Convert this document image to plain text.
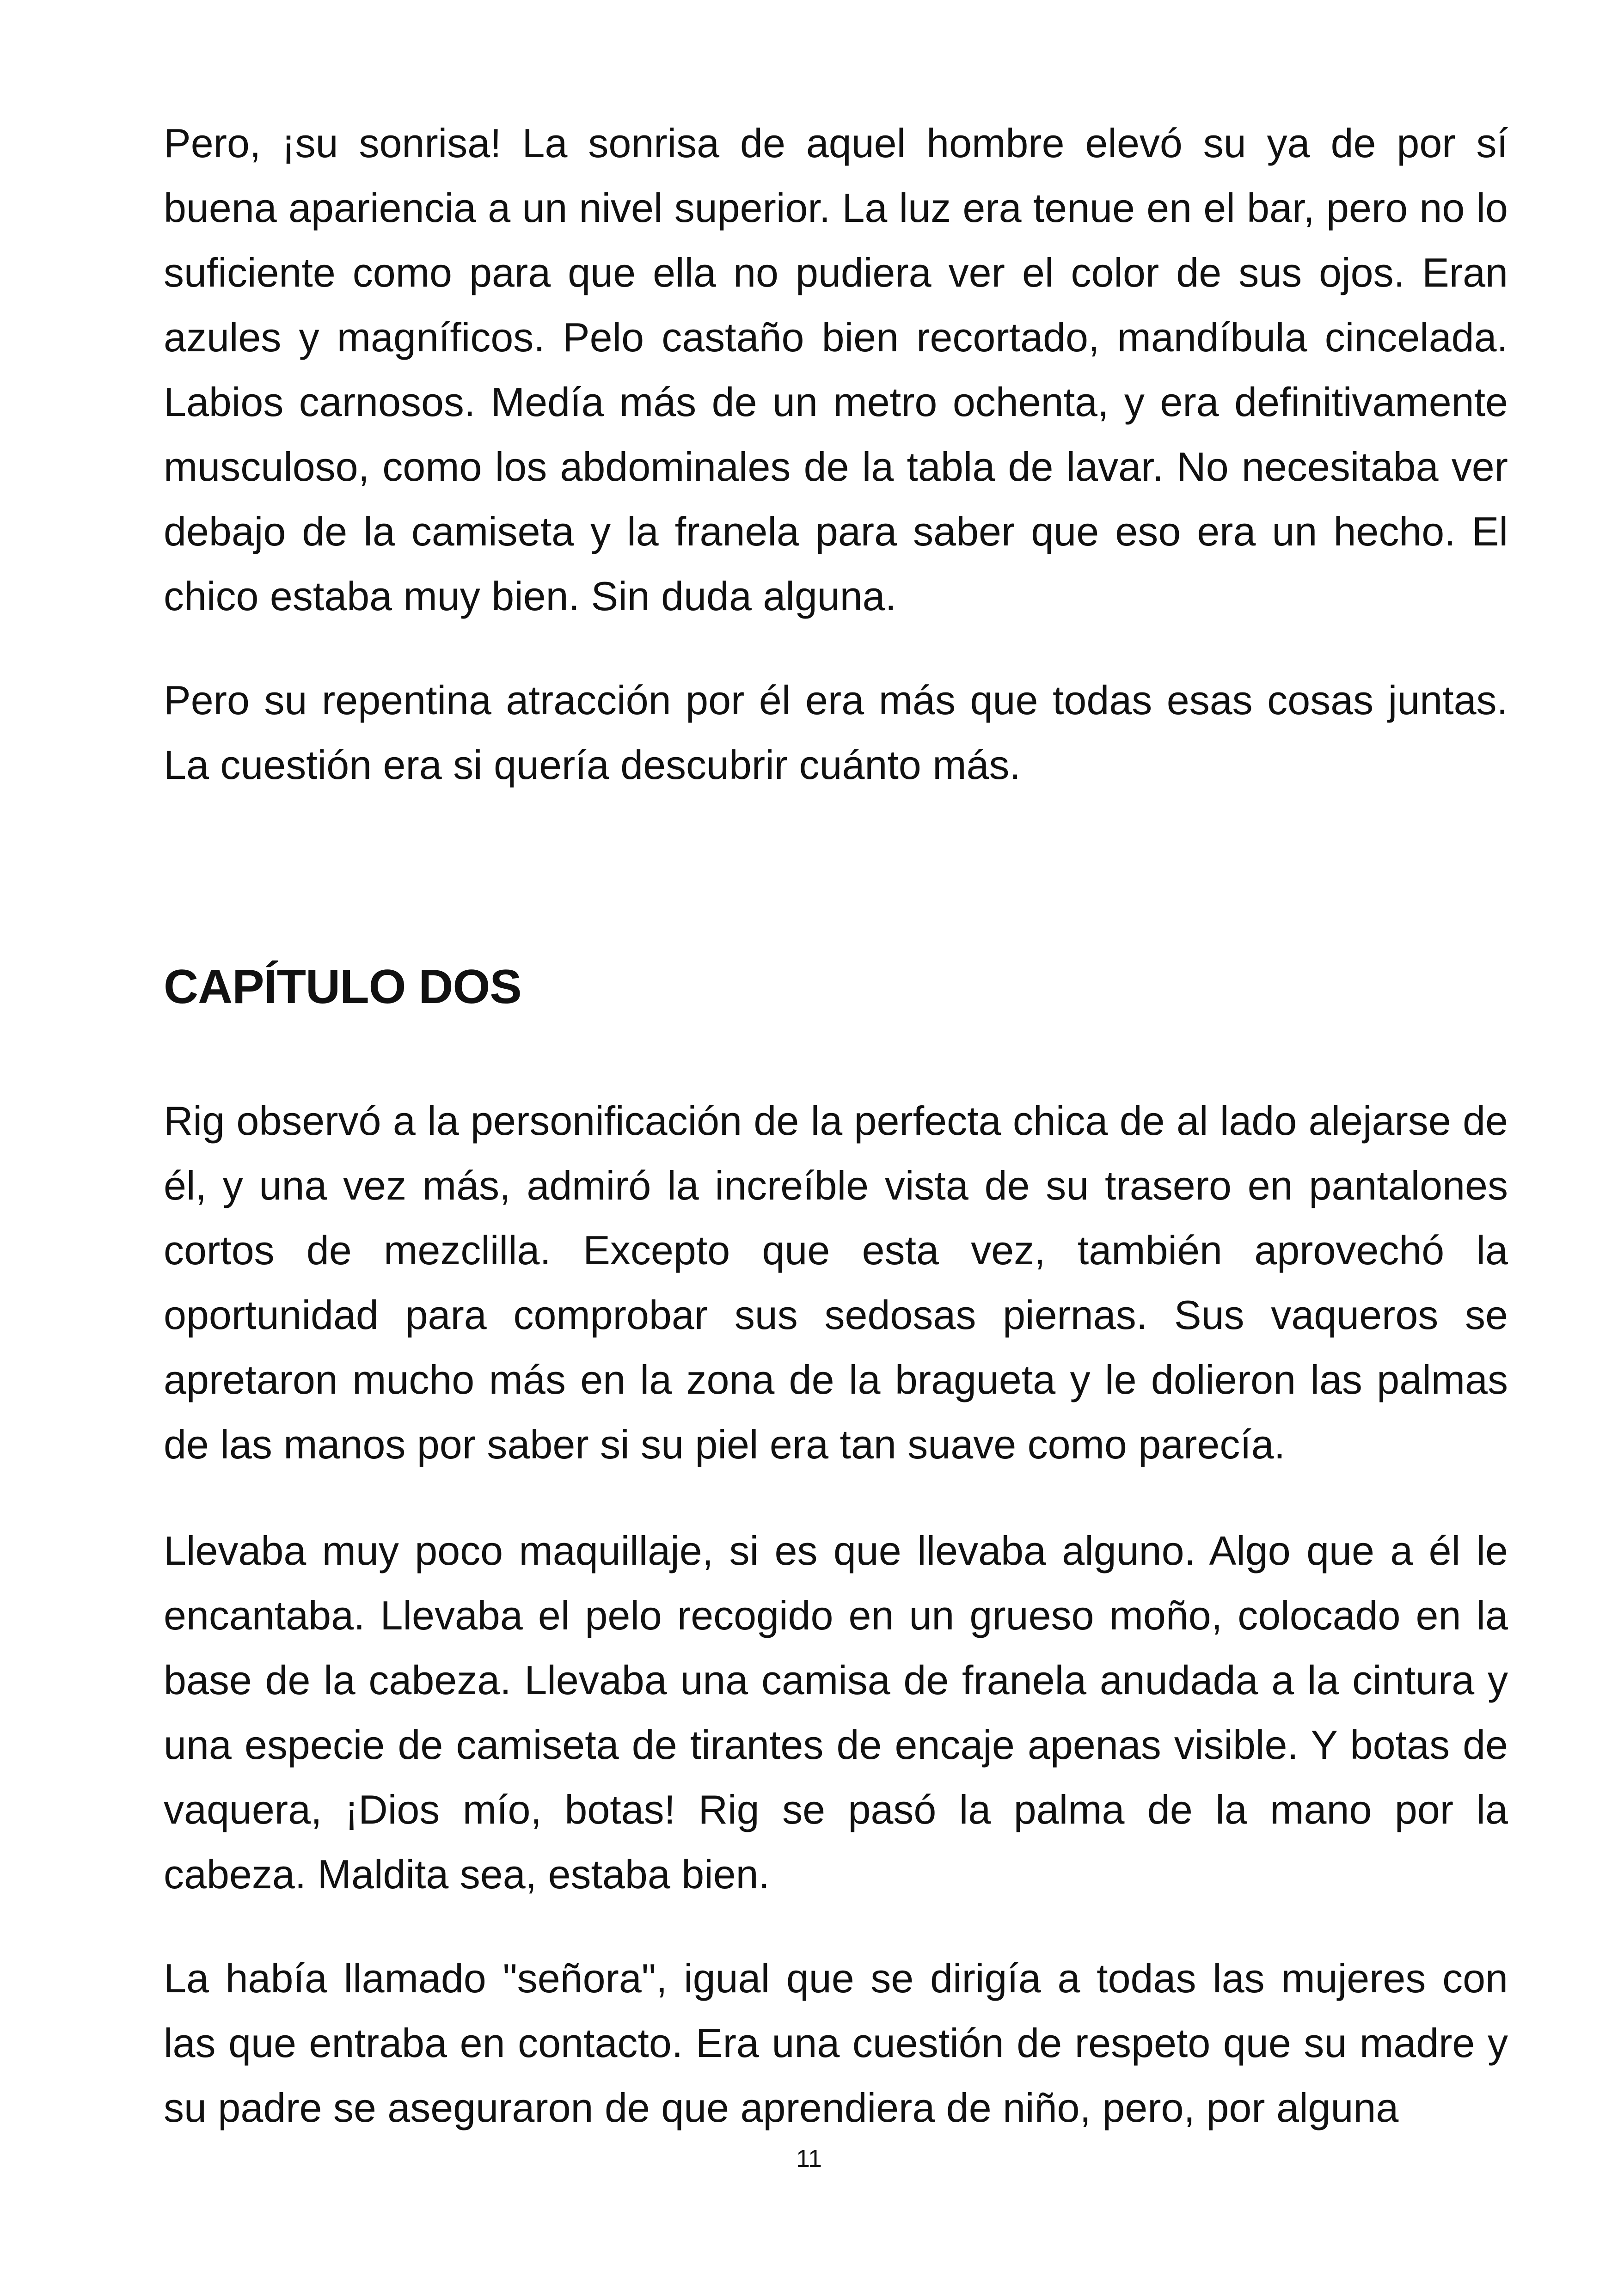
Pero, ¡su sonrisa! La sonrisa de aquel hombre elevó su ya de por sí buena apariencia a un nivel superior. La luz era tenue en el bar, pero no lo suficiente como para que ella no pudiera ver el color de sus ojos. Eran azules y magníficos. Pelo castaño bien recortado, mandíbula cincelada. Labios carnosos. Medía más de un metro ochenta, y era definitivamente musculoso, como los abdominales de la tabla de lavar. No necesitaba ver debajo de la camiseta y la franela para saber que eso era un hecho. El chico estaba muy bien. Sin duda alguna.

Pero su repentina atracción por él era más que todas esas cosas juntas. La cuestión era si quería descubrir cuánto más.

CAPÍTULO DOS

Rig observó a la personificación de la perfecta chica de al lado alejarse de él, y una vez más, admiró la increíble vista de su trasero en pantalones cortos de mezclilla. Excepto que esta vez, también aprovechó la oportunidad para comprobar sus sedosas piernas. Sus vaqueros se apretaron mucho más en la zona de la bragueta y le dolieron las palmas de las manos por saber si su piel era tan suave como parecía.

Llevaba muy poco maquillaje, si es que llevaba alguno. Algo que a él le encantaba. Llevaba el pelo recogido en un grueso moño, colocado en la base de la cabeza. Llevaba una camisa de franela anudada a la cintura y una especie de camiseta de tirantes de encaje apenas visible. Y botas de vaquera, ¡Dios mío, botas! Rig se pasó la palma de la mano por la cabeza. Maldita sea, estaba bien.

La había llamado "señora", igual que se dirigía a todas las mujeres con las que entraba en contacto. Era una cuestión de respeto que su madre y su padre se aseguraron de que aprendiera de niño, pero, por alguna

11
